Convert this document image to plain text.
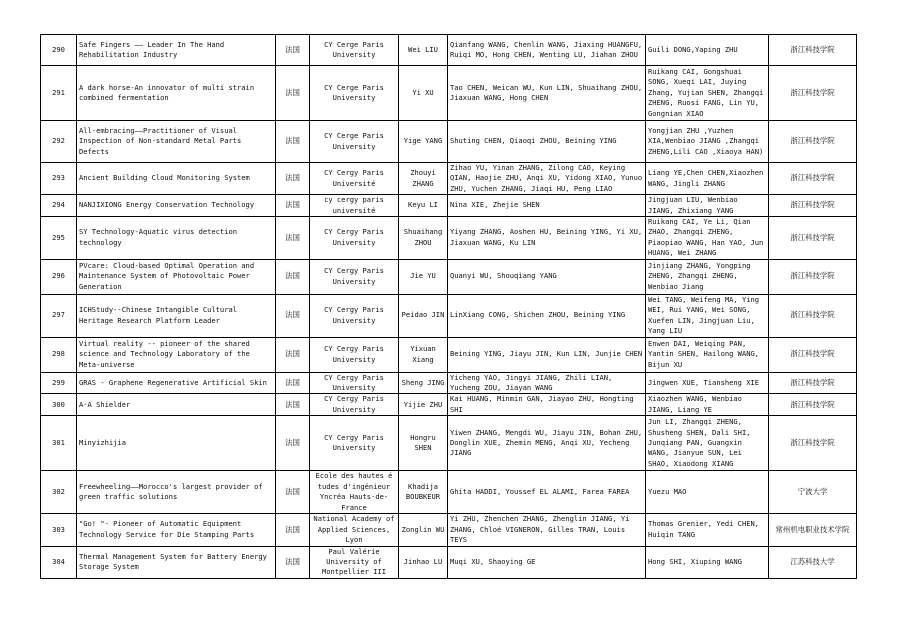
290	Safe Fingers —— Leader In The Hand Rehabilitation Industry	法国	CY Cerge Paris University	Wei LIU	Qianfang WANG, Chenlin WANG, Jiaxing HUANGFU, Ruiqi MO, Hong CHEN, Wenting LU, Jiahan ZHOU	Guili DONG,Yaping ZHU	浙江科技学院
291	A dark horse-An innovator of multi strain combined fermentation	法国	CY Cerge Paris University	Yi XU	Tao CHEN, Weican WU, Kun LIN, Shuaihang ZHOU, Jiaxuan WANG, Hong CHEN	Ruikang CAI, Gongshuai SONG, Xueqi LAI, Juying Zhang, Yujian SHEN, Zhangqi ZHENG, Ruosi FANG, Lin YU, Gongnian XIAO	浙江科技学院
292	All-embracing——Practitioner of Visual Inspection of Non-standard Metal Parts Defects	法国	CY Cerge Paris University	Yige YANG	Shuting CHEN, Qiaoqi ZHOU, Beining YING	Yongjian ZHU ,Yuzhen XIA,Wenbiao JIANG ,Zhangqi ZHENG,Lili CAO ,Xiaoya HAN)	浙江科技学院
293	Ancient Building Cloud Monitoring System	法国	CY Cergy Paris Université	Zhouyi ZHANG	Zihao YU, Yinan ZHANG, Zilong CAO, Keying QIAN, Haojie ZHU, Anqi XU, Yidong XIAO, Yunuo ZHU, Yuchen ZHANG, Jiaqi HU, Peng LIAO	Liang YE,Chen CHEN,Xiaozhen WANG, Jingli ZHANG	浙江科技学院
294	NANJIXIONG Energy Conservation Technology	法国	cy cergy paris université	Keyu LI	Nina XIE, Zhejie SHEN	Jingjuan LIU, Wenbiao JIANG, Zhixiang YANG	浙江科技学院
295	SY Technology-Aquatic virus detection technology	法国	CY Cergy Paris University	Shuaihang ZHOU	Yiyang ZHANG, Aoshen HU, Beining YING, Yi XU, Jiaxuan WANG, Ku LIN	Ruikang CAI, Ye Li, Qian ZHAO, Zhangqi ZHENG, Piaopiao WANG, Han YAO, Jun HUANG, Wei ZHANG	浙江科技学院
296	PVcare: Cloud-based Optimal Operation and Maintenance System of Photovoltaic Power Generation	法国	CY Cergy Paris University	Jie YU	Quanyi WU, Shouqiang YANG	Jinjiang ZHANG, Yongping ZHENG, Zhangqi ZHENG, Wenbiao Jiang	浙江科技学院
297	ICHStudy--Chinese Intangible Cultural Heritage Research Platform Leader	法国	CY Cergy Paris University	Peidao JIN	LinXiang CONG, Shichen ZHOU, Beining YING	Wei TANG, Weifeng MA, Ying WEI, Rui YANG, Wei SONG, Xuefen LIN, Jingjuan Liu, Yang LIU	浙江科技学院
298	Virtual reality -- pioneer of the shared science and Technology Laboratory of the Meta-universe	法国	CY Cergy Paris University	Yixuan Xiang	Beining YING, Jiayu JIN, Kun LIN, Junjie CHEN	Enwen DAI, Weiqing PAN, Yantin SHEN, Hailong WANG, Bijun XU	浙江科技学院
299	GRAS - Graphene Regenerative Artificial Skin	法国	CY Cergy Paris University	Sheng JING	Yicheng YAO, Jingyi JIANG, Zhili LIAN, Yucheng ZOU, Jiayan WANG	Jingwen XUE, Tiansheng XIE	浙江科技学院
300	A-A Shielder	法国	CY Cergy Paris University	Yijie ZHU	Kai HUANG, Minmin GAN, Jiayao ZHU, Hongting SHI	Xiaozhen WANG, Wenbiao JIANG, Liang YE	浙江科技学院
301	Minyizhijia	法国	CY Cergy Paris University	Hongru SHEN	Yiwen ZHANG, Mengdi WU, Jiayu JIN, Bohan ZHU, Donglin XUE, Zhemin MENG, Anqi XU, Yecheng JIANG	Jun LI, Zhangqi ZHENG, Shusheng SHEN, Dali SHI, Junqiang PAN, Guangxin WANG, Jianyue SUN, Lei SHAO, Xiaodong XIANG	浙江科技学院
302	Freewheeling——Morocco's largest provider of green traffic solutions	法国	Ecole des hautes é tudes d'ingénieur Yncréa Hauts-de-France	Khadija BOUBKEUR	Ghita HADDI, Youssef EL ALAMI, Farea FAREA	Yuezu MAO	宁波大学
303	"Go! "- Pioneer of Automatic Equipment Technology Service for Die Stamping Parts	法国	National Academy of Applied Sciences, Lyon	Zonglin WU	Yi ZHU, Zhenchen ZHANG, Zhenglin JIANG, Yi ZHANG, Chloé VIGNERON, Gilles TRAN, Louis TEYS	Thomas Grenier, Yedi CHEN, Huiqin TANG	常州机电职业技术学院
304	Thermal Management System for Battery Energy Storage System	法国	Paul Valérie University of Montpellier III	Jinhao LU	Muqi XU, Shaoying GE	Hong SHI, Xiuping WANG	江苏科技大学
